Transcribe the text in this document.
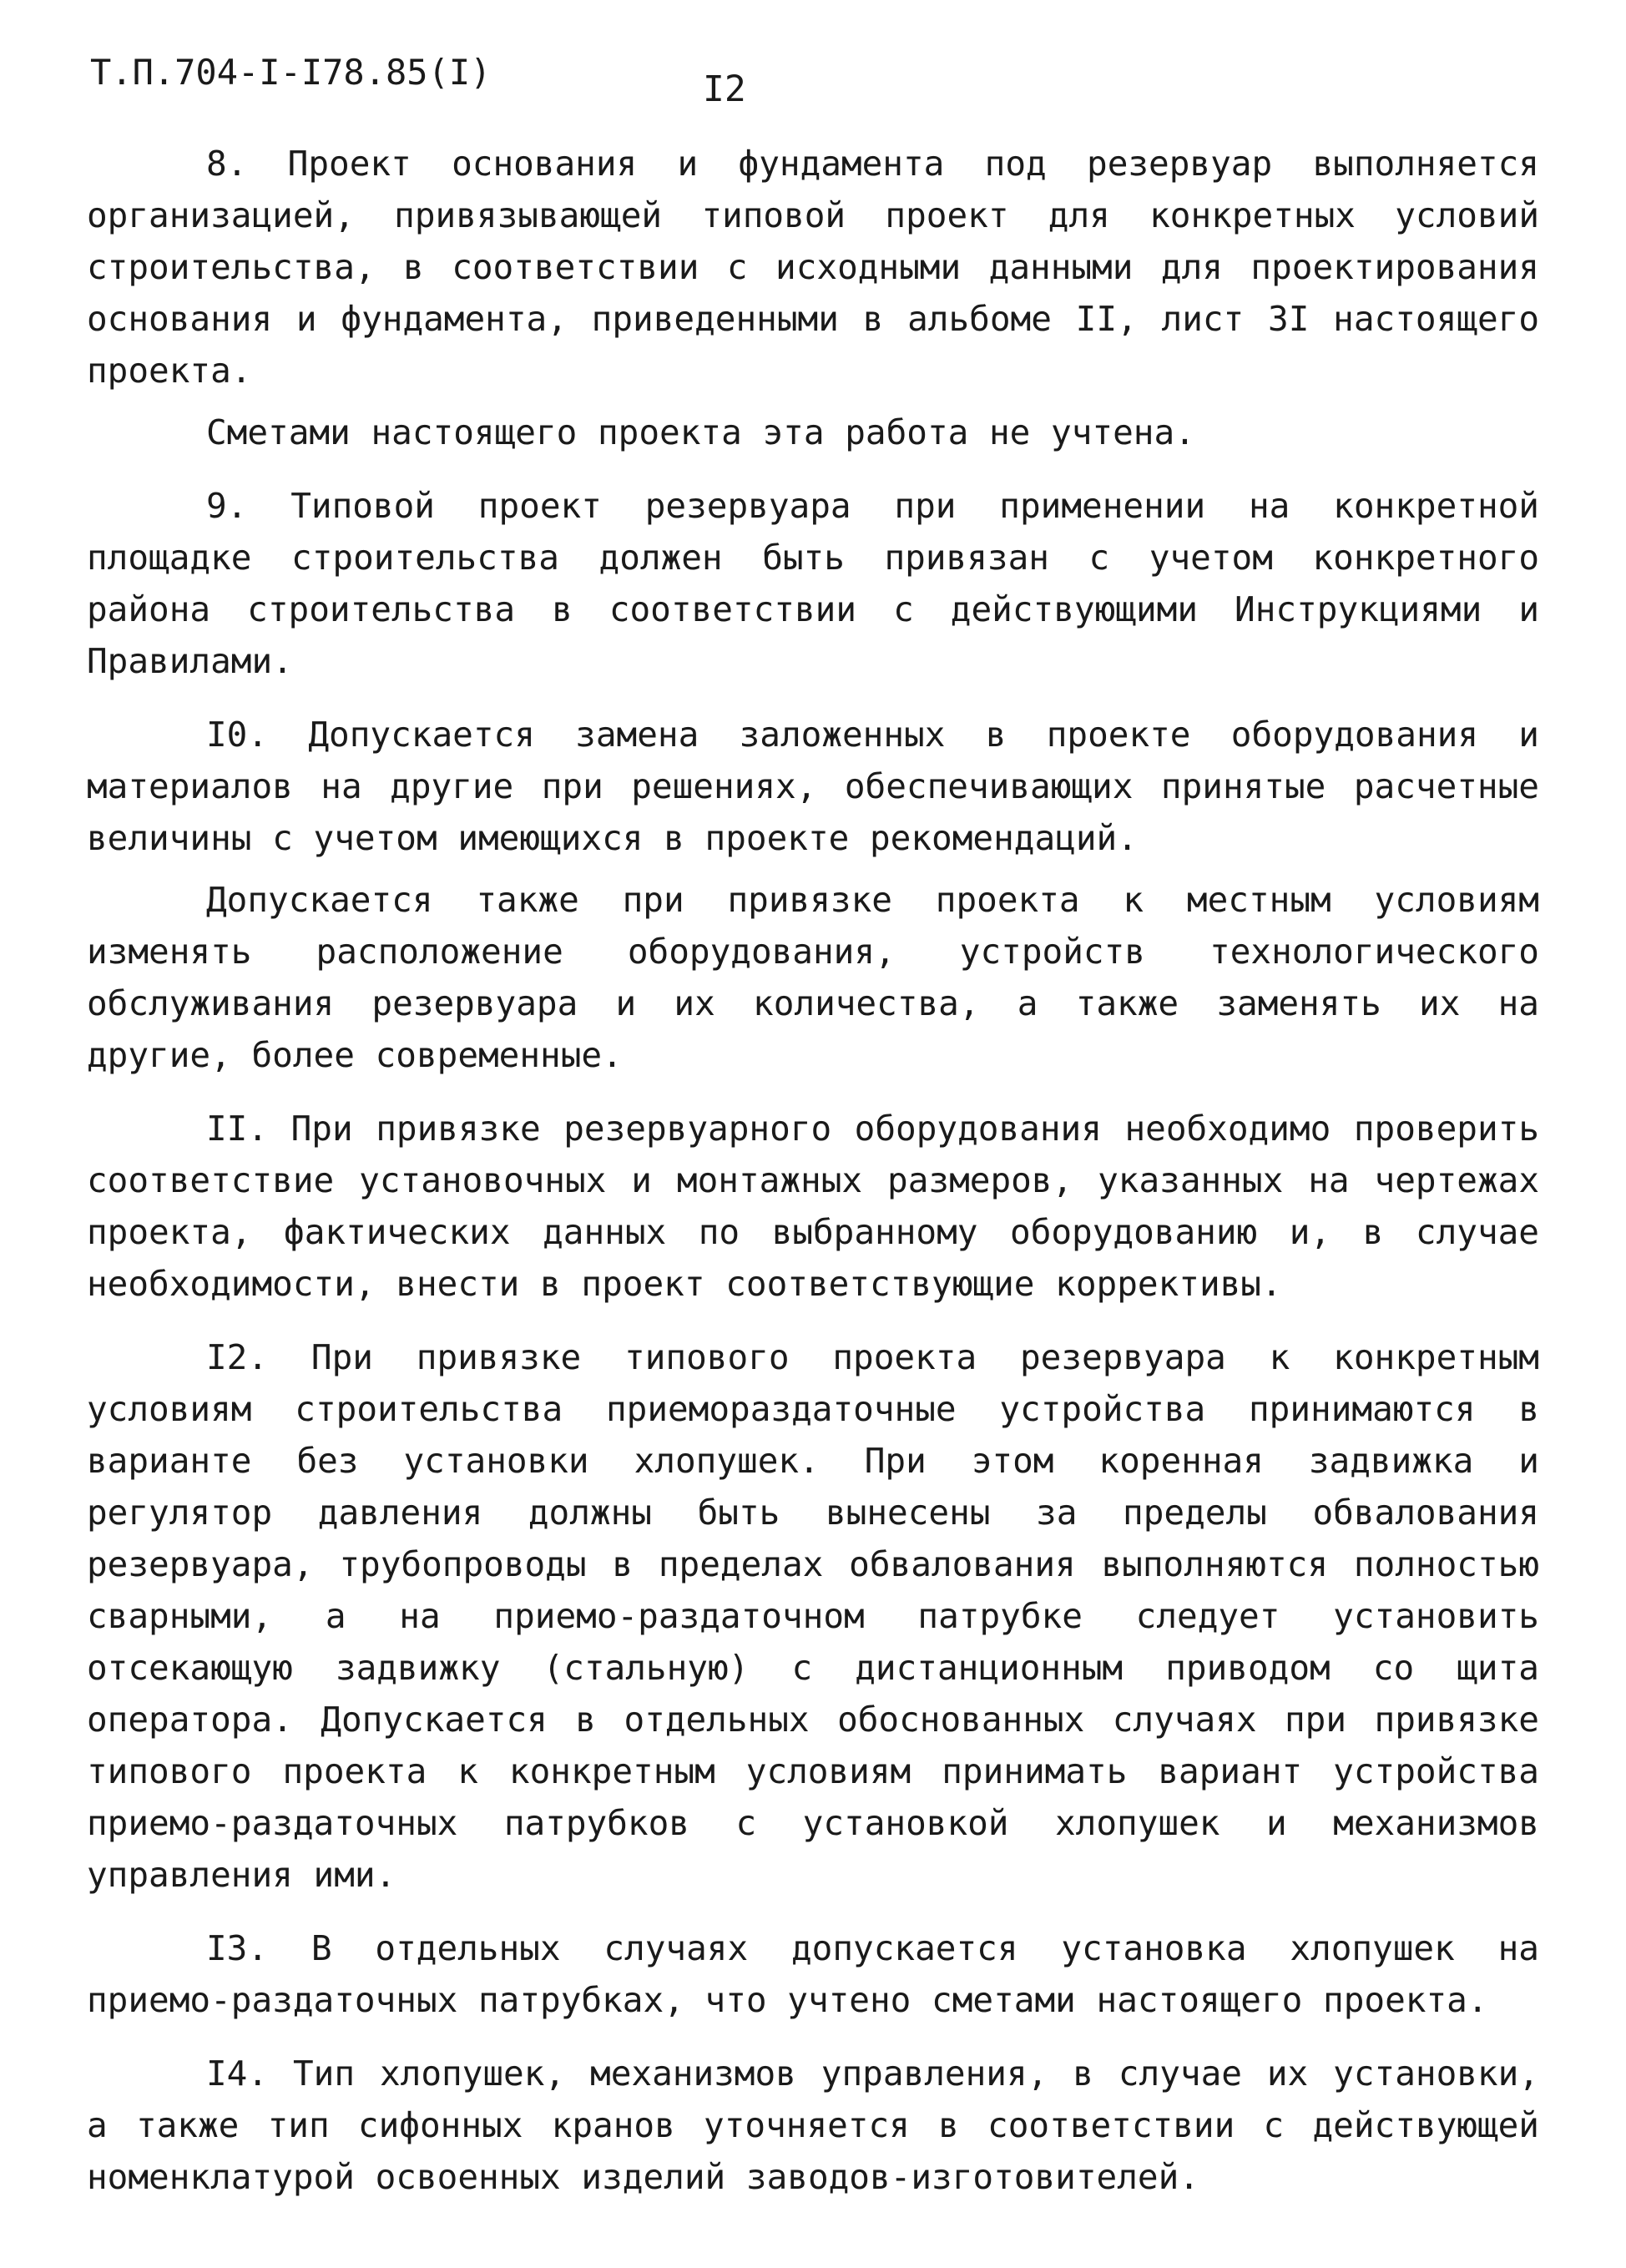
Т.П.704-I-I78.85(I)	I2

8. Проект основания и фундамента под резервуар выполняется организацией, привязывающей типовой проект для конкретных условий строительства, в соответствии с исходными данными для проектирования основания и фундамента, приведенными в альбоме II, лист 3I настоящего проекта.

Сметами настоящего проекта эта работа не учтена.

9. Типовой проект резервуара при применении на конкретной площадке строительства должен быть привязан с учетом конкретного района строительства в соответствии с действующими Инструкциями и Правилами.

I0. Допускается замена заложенных в проекте оборудования и материалов на другие при решениях, обеспечивающих принятые расчетные величины с учетом имеющихся в проекте рекомендаций.

Допускается также при привязке проекта к местным условиям изменять расположение оборудования, устройств технологического обслуживания резервуара и их количества, а также заменять их на другие, более современные.

II. При привязке резервуарного оборудования необходимо проверить соответствие установочных и монтажных размеров, указанных на чертежах проекта, фактических данных по выбранному оборудованию и, в случае необходимости, внести в проект соответствующие коррективы.

I2. При привязке типового проекта резервуара к конкретным условиям строительства приемораздаточные устройства принимаются в варианте без установки хлопушек. При этом коренная задвижка и регулятор давления должны быть вынесены за пределы обвалования резервуара, трубопроводы в пределах обвалования выполняются полностью сварными, а на приемо-раздаточном патрубке следует установить отсекающую задвижку (стальную) с дистанционным приводом со щита оператора. Допускается в отдельных обоснованных случаях при привязке типового проекта к конкретным условиям принимать вариант устройства приемо-раздаточных патрубков с установкой хлопушек и механизмов управления ими.

I3. В отдельных случаях допускается установка хлопушек на приемо-раздаточных патрубках, что учтено сметами настоящего проекта.

I4. Тип хлопушек, механизмов управления, в случае их установки, а также тип сифонных кранов уточняется в соответствии с действующей номенклатурой освоенных изделий заводов-изготовителей.
